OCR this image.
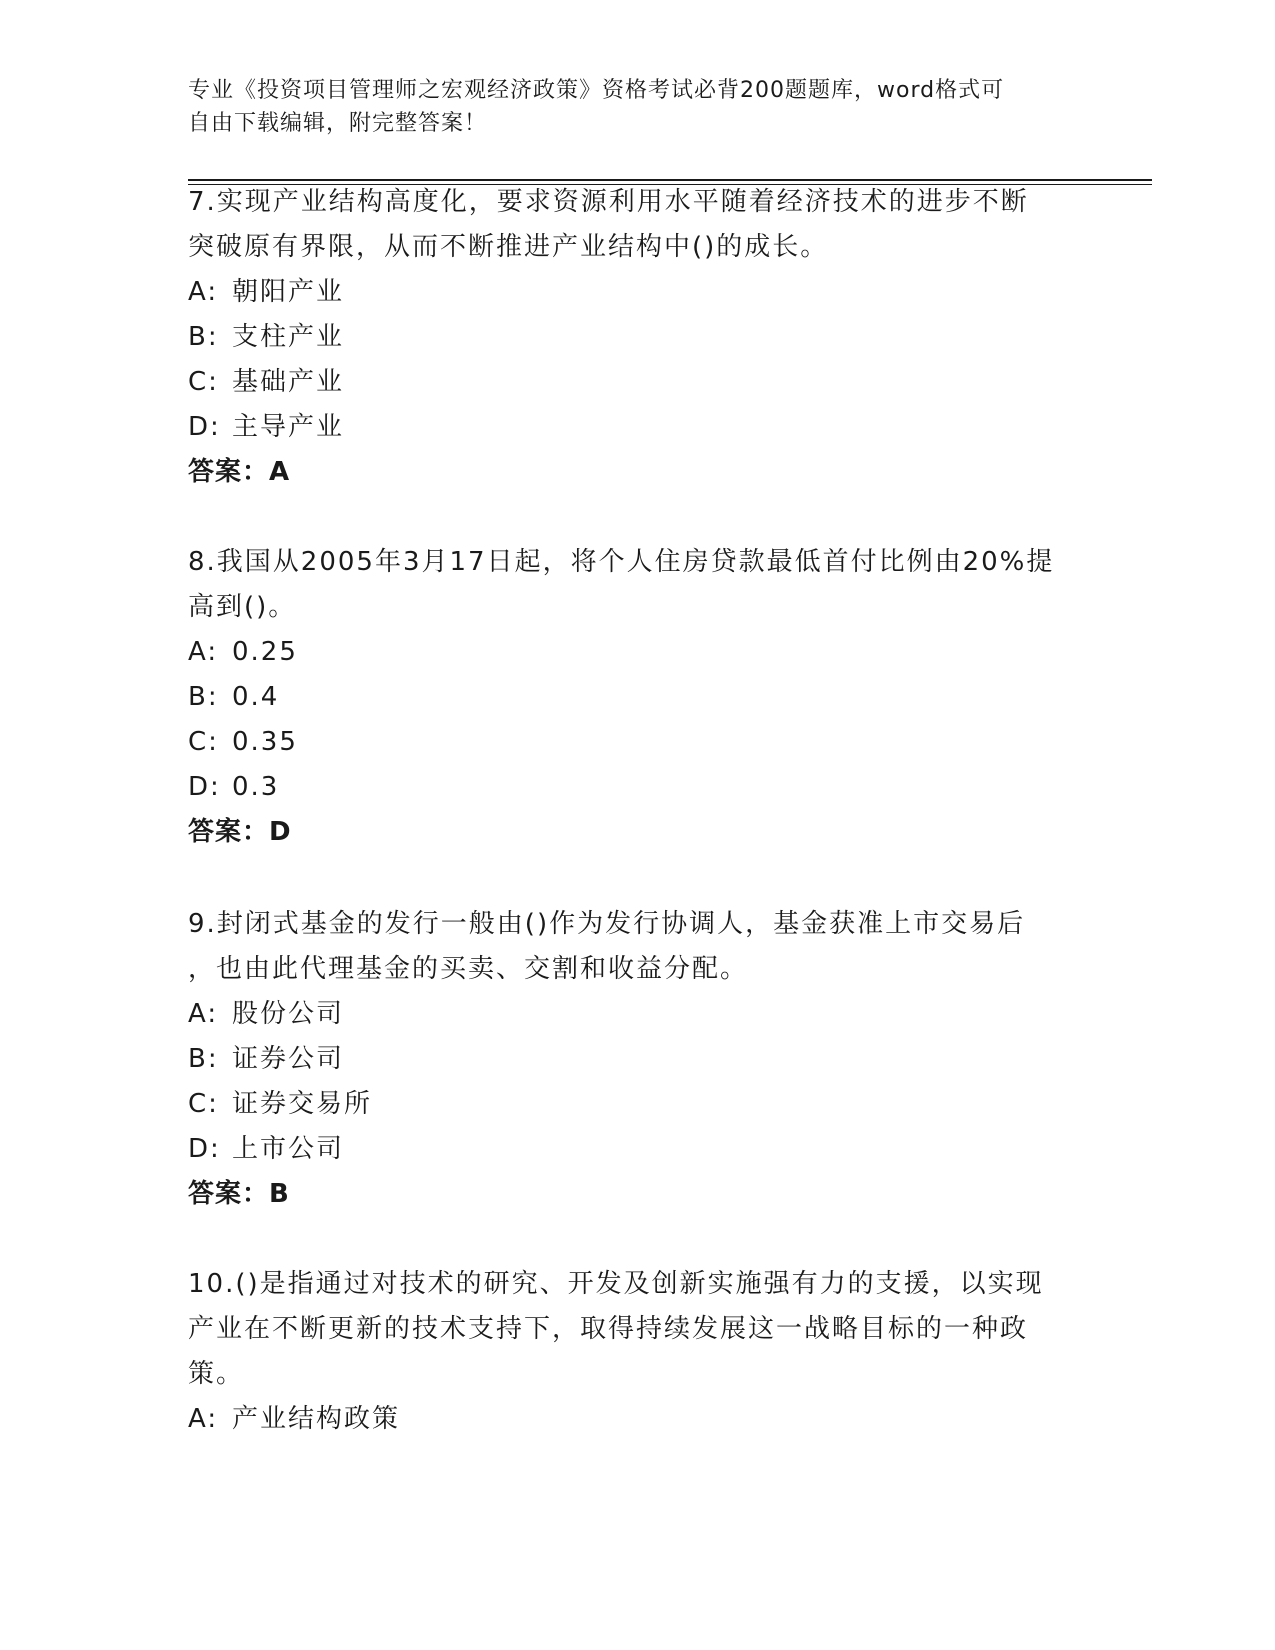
专业《投资项目管理师之宏观经济政策》资格考试必背200题题库，word格式可
自由下载编辑，附完整答案！

7.实现产业结构高度化，要求资源利用水平随着经济技术的进步不断

突破原有界限，从而不断推进产业结构中()的成长。

A: 朝阳产业

B: 支柱产业

C: 基础产业

D: 主导产业

答案：A

8.我国从2005年3月17日起，将个人住房贷款最低首付比例由20%提

高到()。

A: 0.25

B: 0.4

C: 0.35

D: 0.3

答案：D

9.封闭式基金的发行一般由()作为发行协调人，基金获准上市交易后

，也由此代理基金的买卖、交割和收益分配。

A: 股份公司

B: 证券公司

C: 证券交易所

D: 上市公司

答案：B

10.()是指通过对技术的研究、开发及创新实施强有力的支援，以实现

产业在不断更新的技术支持下，取得持续发展这一战略目标的一种政

策。

A: 产业结构政策
